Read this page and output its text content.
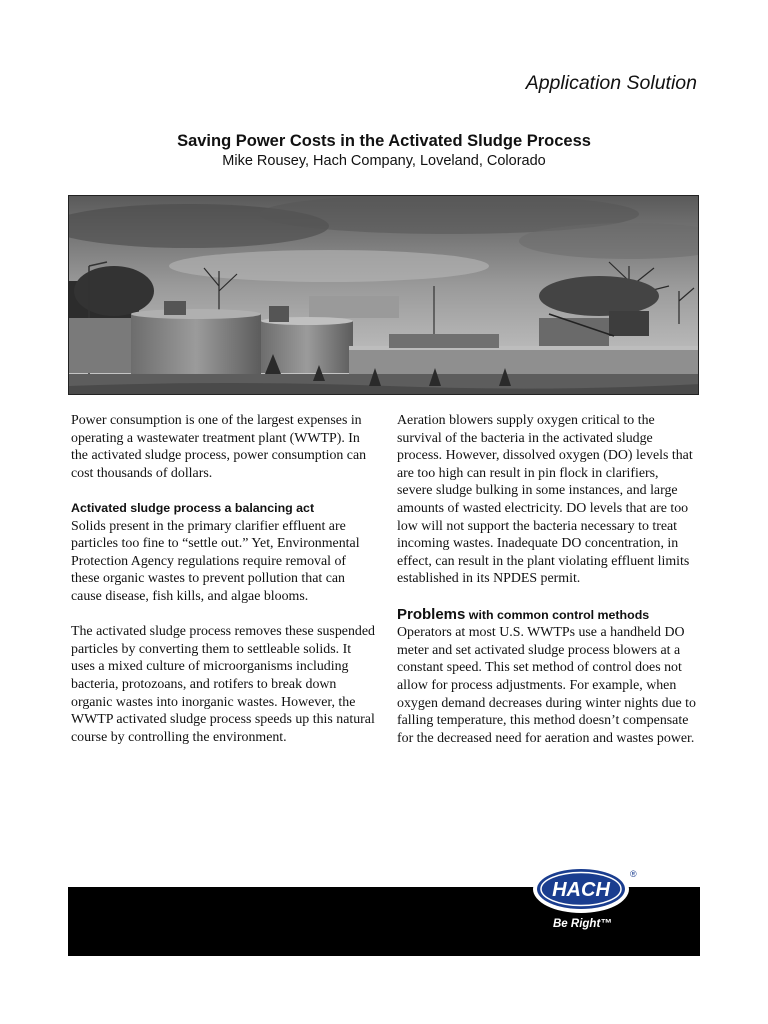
Application Solution
Saving Power Costs in the Activated Sludge Process
Mike Rousey, Hach Company, Loveland, Colorado

Power consumption is one of the largest expenses in operating a wastewater treatment plant (WWTP). In the activated sludge process, power consumption can cost thousands of dollars.

Activated sludge process a balancing act

Solids present in the primary clarifier effluent are particles too fine to “settle out.” Yet, Environmental Protection Agency regulations require removal of these organic wastes to prevent pollution that can cause disease, fish kills, and algae blooms.

The activated sludge process removes these suspended particles by converting them to settleable solids. It uses a mixed culture of microorganisms including bacteria, protozoans, and rotifers to break down organic wastes into inorganic wastes. However, the WWTP activated sludge process speeds up this natural course by controlling the environment.

Aeration blowers supply oxygen critical to the survival of the bacteria in the activated sludge process. However, dissolved oxygen (DO) levels that are too high can result in pin flock in clarifiers, severe sludge bulking in some instances, and large amounts of wasted electricity. DO levels that are too low will not support the bacteria necessary to treat incoming wastes. Inadequate DO concentration, in effect, can result in the plant violating effluent limits established in its NPDES permit.

Problems with common control methods

Operators at most U.S. WWTPs use a handheld DO meter and set activated sludge process blowers at a constant speed. This set method of control does not allow for process adjustments. For example, when oxygen demand decreases during winter nights due to falling temperature, this method doesn’t compensate for the decreased need for aeration and wastes power.

HACH
®
Be Right™
